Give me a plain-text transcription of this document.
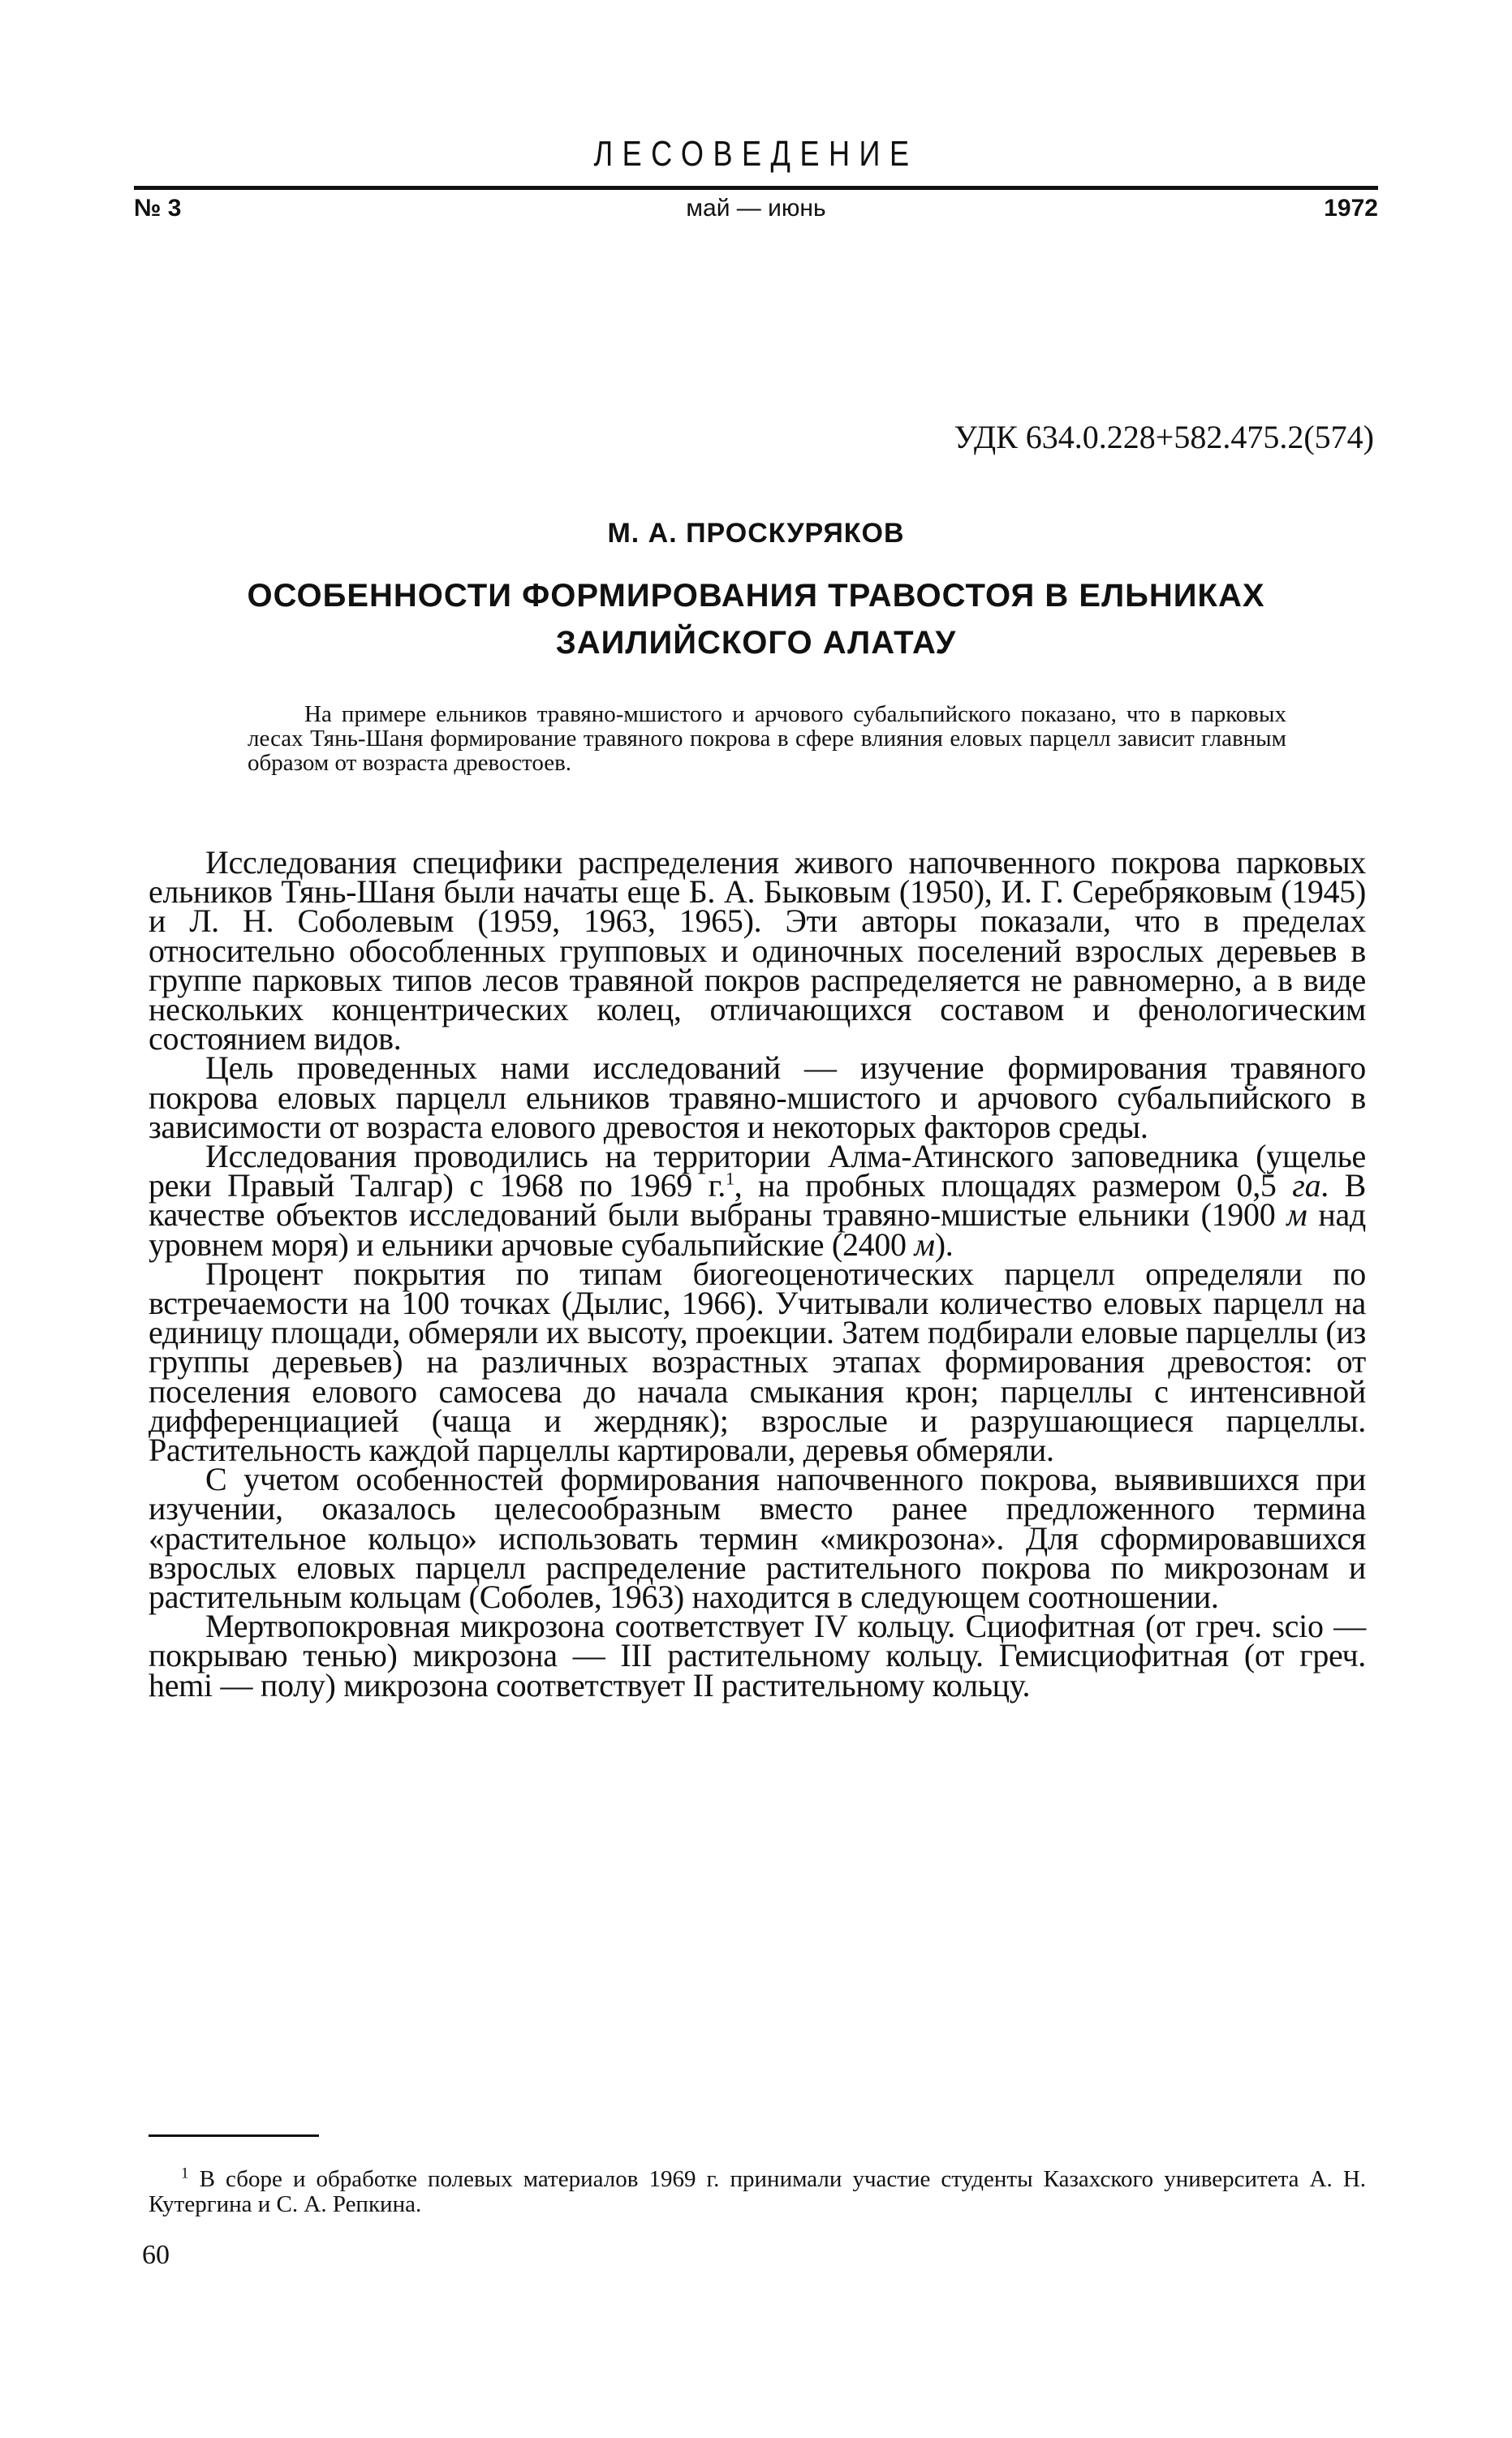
ЛЕСОВЕДЕНИЕ
№ 3	май — июнь	1972
УДК 634.0.228+582.475.2(574)
М. А. ПРОСКУРЯКОВ
ОСОБЕННОСТИ ФОРМИРОВАНИЯ ТРАВОСТОЯ В ЕЛЬНИКАХ
ЗАИЛИЙСКОГО АЛАТАУ
На примере ельников травяно-мшистого и арчового субальпийского показано, что в парковых лесах Тянь-Шаня формирование травяного покрова в сфере влияния еловых парцелл зависит главным образом от возраста древостоев.

Исследования специфики распределения живого напочвенного покрова парковых ельников Тянь-Шаня были начаты еще Б. А. Быковым (1950), И. Г. Серебряковым (1945) и Л. Н. Соболевым (1959, 1963, 1965). Эти авторы показали, что в пределах относительно обособленных групповых и одиночных поселений взрослых деревьев в группе парковых типов лесов травяной покров распределяется не равномерно, а в виде нескольких концентрических колец, отличающихся составом и фенологическим состоянием видов.

Цель проведенных нами исследований — изучение формирования травяного покрова еловых парцелл ельников травяно-мшистого и арчового субальпийского в зависимости от возраста елового древостоя и некоторых факторов среды.

Исследования проводились на территории Алма-Атинского заповедника (ущелье реки Правый Талгар) с 1968 по 1969 г.$^1$, на пробных площадях размером 0,5 га. В качестве объектов исследований были выбраны травяно-мшистые ельники (1900 м над уровнем моря) и ельники арчовые субальпийские (2400 м).

Процент покрытия по типам биогеоценотических парцелл определяли по встречаемости на 100 точках (Дылис, 1966). Учитывали количество еловых парцелл на единицу площади, обмеряли их высоту, проекции. Затем подбирали еловые парцеллы (из группы деревьев) на различных возрастных этапах формирования древостоя: от поселения елового самосева до начала смыкания крон; парцеллы с интенсивной дифференциацией (чаща и жердняк); взрослые и разрушающиеся парцеллы. Растительность каждой парцеллы картировали, деревья обмеряли.

С учетом особенностей формирования напочвенного покрова, выявившихся при изучении, оказалось целесообразным вместо ранее предложенного термина «растительное кольцо» использовать термин «микрозона». Для сформировавшихся взрослых еловых парцелл распределение растительного покрова по микрозонам и растительным кольцам (Соболев, 1963) находится в следующем соотношении.

Мертвопокровная микрозона соответствует IV кольцу. Сциофитная (от греч. scio — покрываю тенью) микрозона — III растительному кольцу. Гемисциофитная (от греч. hemi — полу) микрозона соответствует II растительному кольцу.

$^1$ В сборе и обработке полевых материалов 1969 г. принимали участие студенты Казахского университета А. Н. Кутергина и С. А. Репкина.
60
